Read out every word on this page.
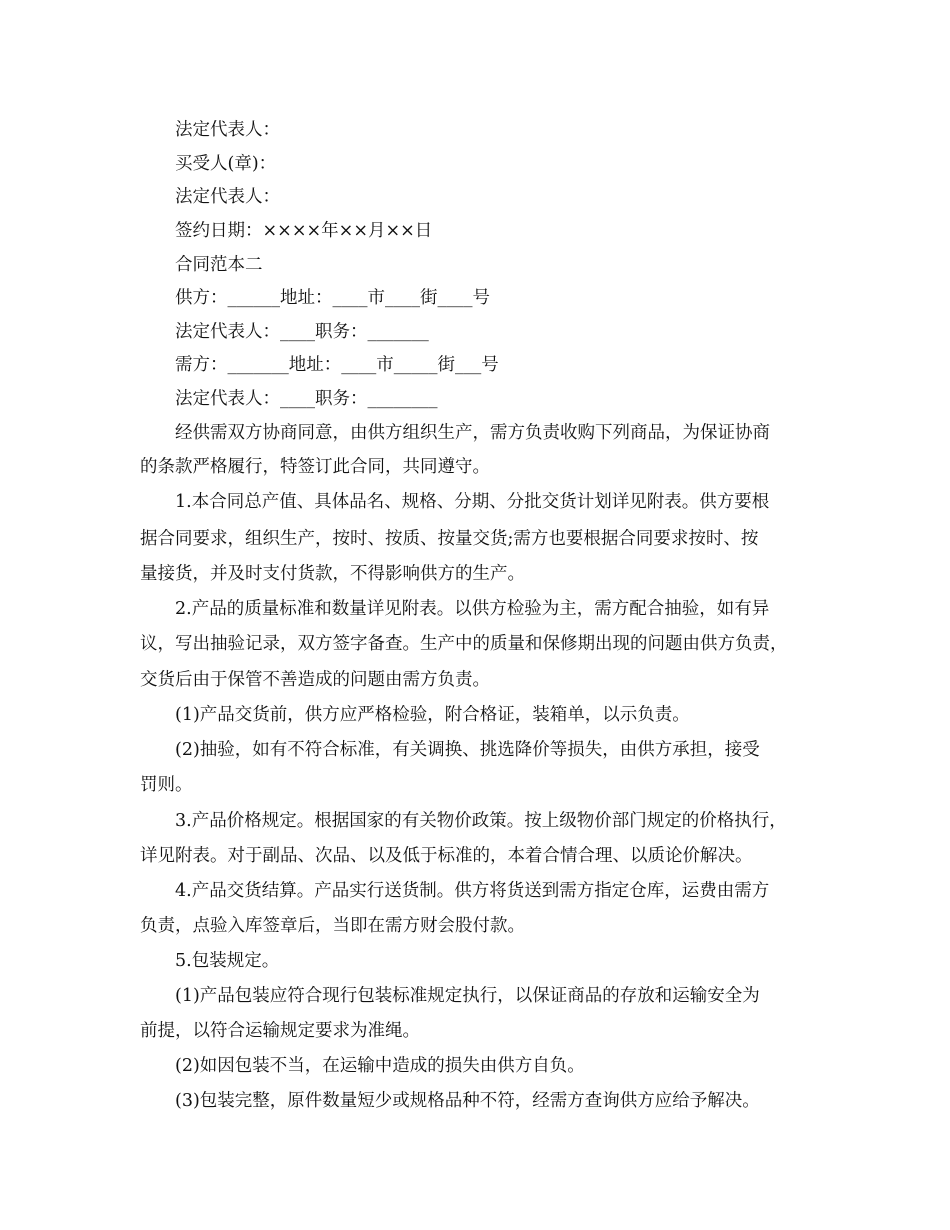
法定代表人：
买受人(章)：
法定代表人：
签约日期：××××年××月××日
合同范本二
供方：______地址：____市____街____号
法定代表人：____职务：_______
需方：_______地址：____市_____街___号
法定代表人：____职务：________
经供需双方协商同意，由供方组织生产，需方负责收购下列商品，为保证协商
的条款严格履行，特签订此合同，共同遵守。
1.本合同总产值、具体品名、规格、分期、分批交货计划详见附表。供方要根
据合同要求，组织生产，按时、按质、按量交货;需方也要根据合同要求按时、按
量接货，并及时支付货款，不得影响供方的生产。
2.产品的质量标准和数量详见附表。以供方检验为主，需方配合抽验，如有异
议，写出抽验记录，双方签字备查。生产中的质量和保修期出现的问题由供方负责，
交货后由于保管不善造成的问题由需方负责。
(1)产品交货前，供方应严格检验，附合格证，装箱单，以示负责。
(2)抽验，如有不符合标准，有关调换、挑选降价等损失，由供方承担，接受
罚则。
3.产品价格规定。根据国家的有关物价政策。按上级物价部门规定的价格执行，
详见附表。对于副品、次品、以及低于标准的，本着合情合理、以质论价解决。
4.产品交货结算。产品实行送货制。供方将货送到需方指定仓库，运费由需方
负责，点验入库签章后，当即在需方财会股付款。
5.包装规定。
(1)产品包装应符合现行包装标准规定执行，以保证商品的存放和运输安全为
前提，以符合运输规定要求为准绳。
(2)如因包装不当，在运输中造成的损失由供方自负。
(3)包装完整，原件数量短少或规格品种不符，经需方查询供方应给予解决。
